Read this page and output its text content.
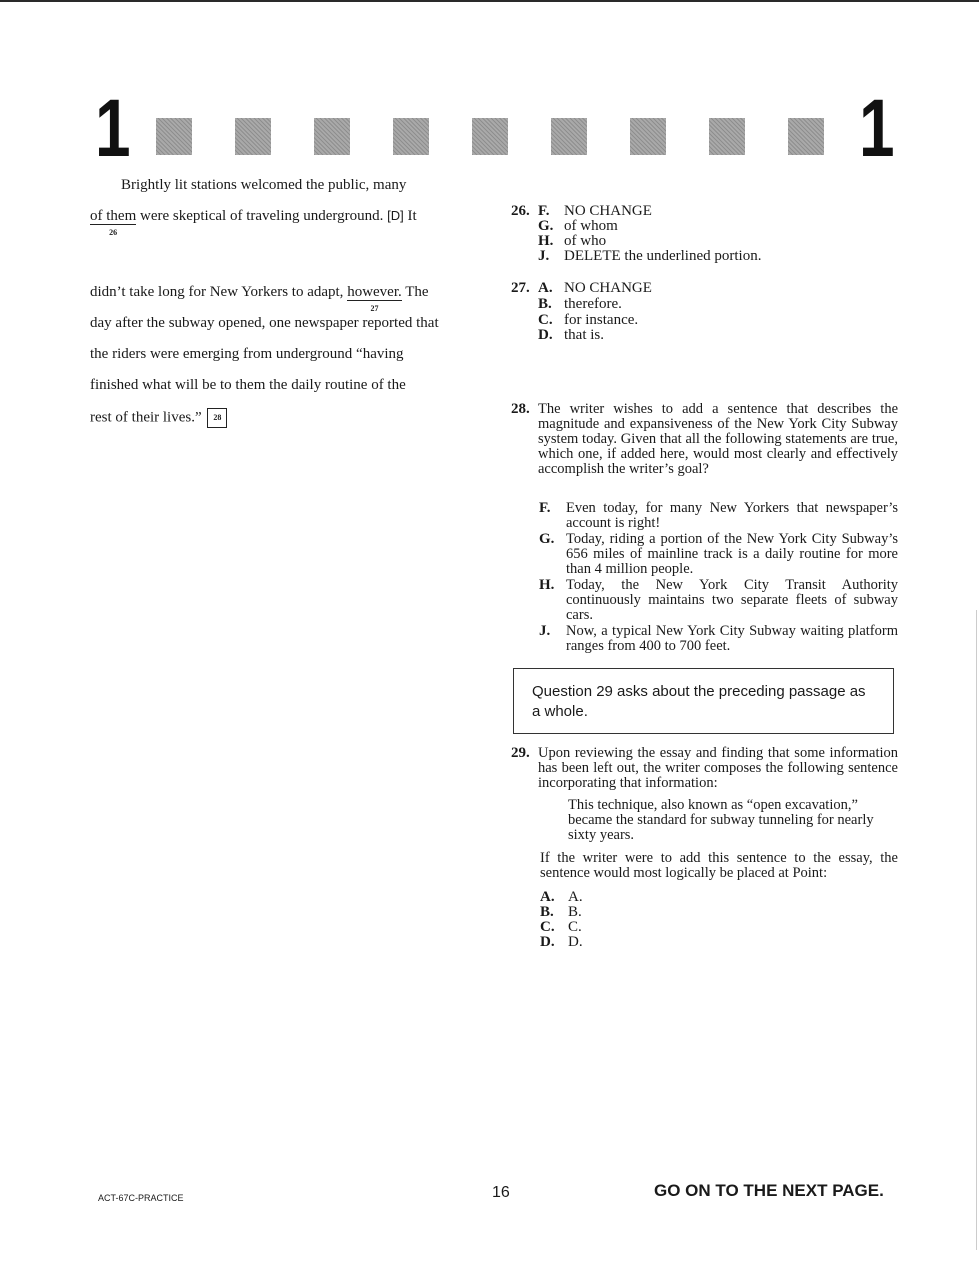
1	1
Brightly lit stations welcomed the public, many
of them
26
were skeptical of traveling underground. [D] It
didn’t take long for New Yorkers to adapt, however.
27
The
day after the subway opened, one newspaper reported that
the riders were emerging from underground “having
finished what will be to them the daily routine of the
rest of their lives.” 28
26. F. NO CHANGE
G. of whom
H. of who
J. DELETE the underlined portion.
27. A. NO CHANGE
B. therefore.
C. for instance.
D. that is.
28. The writer wishes to add a sentence that describes the magnitude and expansiveness of the New York City Subway system today. Given that all the following statements are true, which one, if added here, would most clearly and effectively accomplish the writer’s goal?
F. Even today, for many New Yorkers that newspaper’s account is right!
G. Today, riding a portion of the New York City Subway’s 656 miles of mainline track is a daily routine for more than 4 million people.
H. Today, the New York City Transit Authority continuously maintains two separate fleets of subway cars.
J. Now, a typical New York City Subway waiting platform ranges from 400 to 700 feet.
Question 29 asks about the preceding passage as a whole.
29. Upon reviewing the essay and finding that some information has been left out, the writer composes the following sentence incorporating that information:
This technique, also known as “open excavation,” became the standard for subway tunneling for nearly sixty years.
If the writer were to add this sentence to the essay, the sentence would most logically be placed at Point:
A. A.
B. B.
C. C.
D. D.
ACT-67C-PRACTICE	16	GO ON TO THE NEXT PAGE.
